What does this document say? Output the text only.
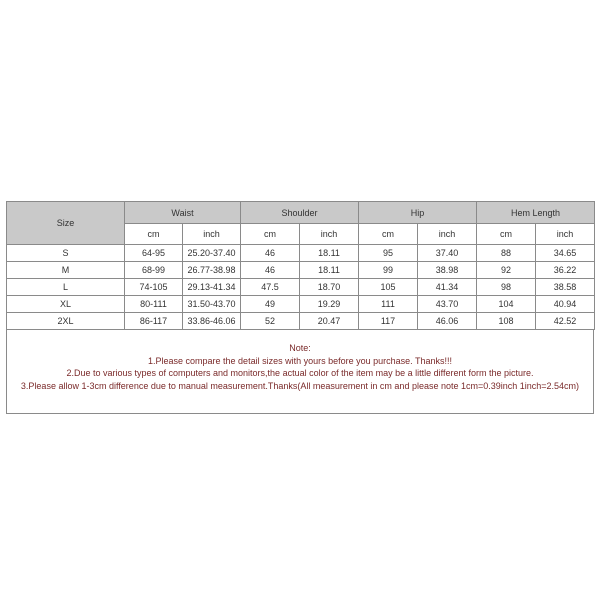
Size	Waist		Shoulder		Hip		Hem Length	
	cm	inch	cm	inch	cm	inch	cm	inch
S	64-95	25.20-37.40	46	18.11	95	37.40	88	34.65
M	68-99	26.77-38.98	46	18.11	99	38.98	92	36.22
L	74-105	29.13-41.34	47.5	18.70	105	41.34	98	38.58
XL	80-111	31.50-43.70	49	19.29	111	43.70	104	40.94
2XL	86-117	33.86-46.06	52	20.47	117	46.06	108	42.52
Note:
1.Please compare the detail sizes with yours before you purchase. Thanks!!!
2.Due to various types of computers and monitors,the actual color of the item may be a little different form the picture.
3.Please allow 1-3cm difference due to manual measurement.Thanks(All measurement in cm and please note 1cm=0.39inch 1inch=2.54cm)
